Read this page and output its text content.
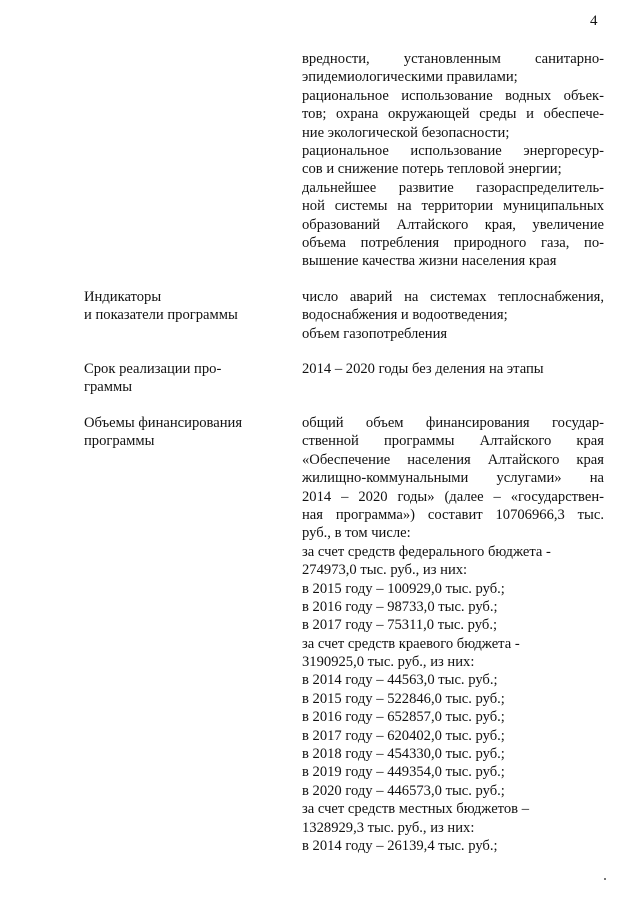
4
вредности, установленным санитарно-
эпидемиологическими правилами;
рациональное использование водных объек-
тов; охрана окружающей среды и обеспече-
ние экологической безопасности;
рациональное использование энергоресур-
сов и снижение потерь тепловой энергии;
дальнейшее развитие газораспределитель-
ной системы на территории муниципальных
образований Алтайского края, увеличение
объема потребления природного газа, по-
вышение качества жизни населения края
Индикаторы
и показатели программы
число аварий на системах теплоснабжения,
водоснабжения и водоотведения;
объем газопотребления
Срок реализации про-
граммы
2014 – 2020 годы без деления на этапы
Объемы финансирования
программы
общий объем финансирования государ-
ственной программы Алтайского края
«Обеспечение населения Алтайского края
жилищно-коммунальными услугами» на
2014 – 2020 годы» (далее – «государствен-
ная программа») составит 10706966,3 тыс.
руб., в том числе:
за счет средств федерального бюджета -
274973,0 тыс. руб., из них:
в 2015 году – 100929,0 тыс. руб.;
в 2016 году – 98733,0 тыс. руб.;
в 2017 году – 75311,0 тыс. руб.;
за счет средств краевого бюджета -
3190925,0 тыс. руб., из них:
в 2014 году – 44563,0 тыс. руб.;
в 2015 году – 522846,0 тыс. руб.;
в 2016 году – 652857,0 тыс. руб.;
в 2017 году – 620402,0 тыс. руб.;
в 2018 году – 454330,0 тыс. руб.;
в 2019 году – 449354,0 тыс. руб.;
в 2020 году – 446573,0 тыс. руб.;
за счет средств местных бюджетов –
1328929,3 тыс. руб., из них:
в 2014 году – 26139,4 тыс. руб.;
